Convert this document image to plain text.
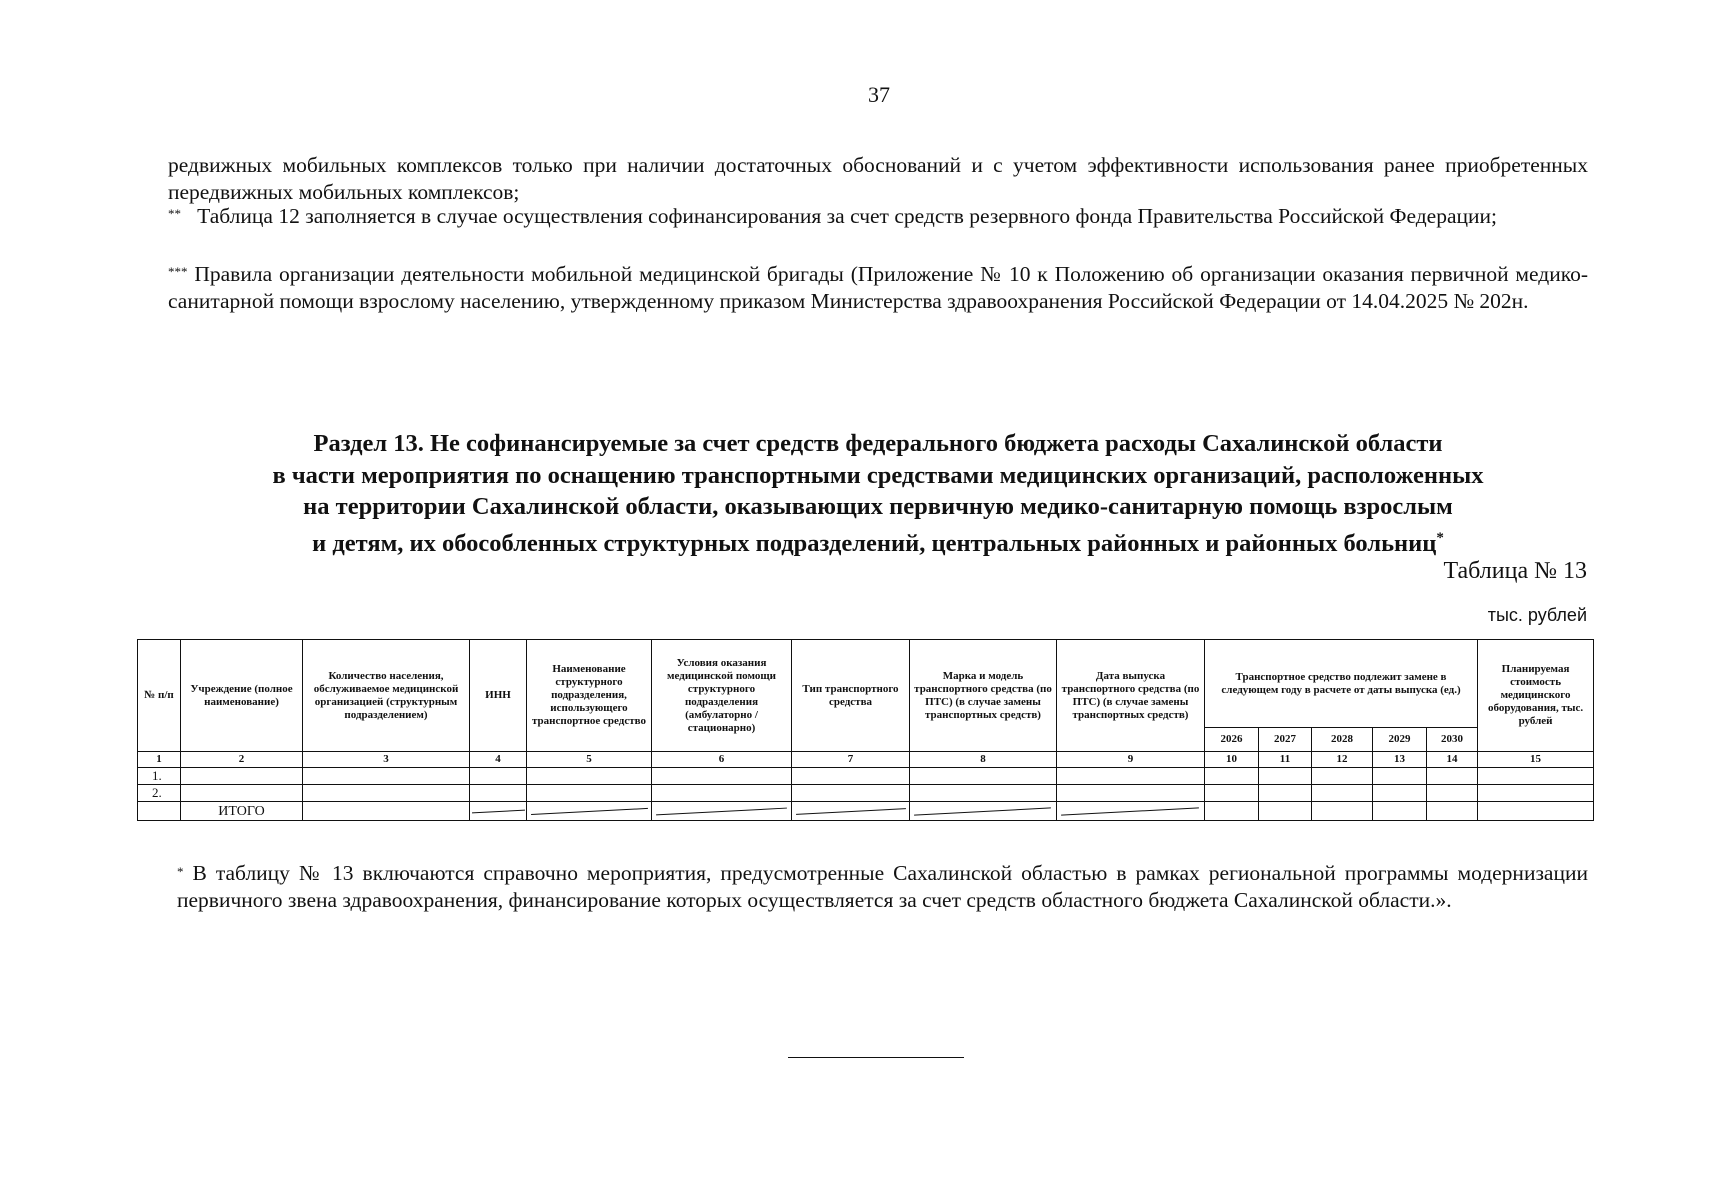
37
редвижных мобильных комплексов только при наличии достаточных обоснований и с учетом эффективности использования ранее приобретенных передвижных мобильных комплексов;
** Таблица 12 заполняется в случае осуществления софинансирования за счет средств резервного фонда Правительства Российской Федерации;
*** Правила организации деятельности мобильной медицинской бригады (Приложение № 10 к Положению об организации оказания первичной медико-санитарной помощи взрослому населению, утвержденному приказом Министерства здравоохранения Российской Федерации от 14.04.2025 № 202н.
Раздел 13. Не софинансируемые за счет средств федерального бюджета расходы Сахалинской области
в части мероприятия по оснащению транспортными средствами медицинских организаций, расположенных
на территории Сахалинской области, оказывающих первичную медико-санитарную помощь взрослым
и детям, их обособленных структурных подразделений, центральных районных и районных больниц*
Таблица № 13
тыс. рублей
№ п/п	Учреждение (полное наименование)	Количество населения, обслуживаемое медицинской организацией (структурным подразделением)	ИНН	Наименование структурного подразделения, использующего транспортное средство	Условия оказания медицинской помощи структурного подразделения (амбулаторно /стационарно)	Тип транспортного средства	Марка и модель транспортного средства (по ПТС) (в случае замены транспортных средств)	Дата выпуска транспортного средства (по ПТС) (в случае замены транспортных средств)	Транспортное средство подлежит замене в следующем году в расчете от даты выпуска (ед.)					Планируемая стоимость медицинского оборудования, тыс. рублей
									2026	2027	2028	2029	2030	
1	2	3	4	5	6	7	8	9	10	11	12	13	14	15
1.														
2.														
	ИТОГО													
* В таблицу № 13 включаются справочно мероприятия, предусмотренные Сахалинской областью в рамках региональной программы модернизации первичного звена здравоохранения, финансирование которых осуществляется за счет средств областного бюджета Сахалинской области.».
